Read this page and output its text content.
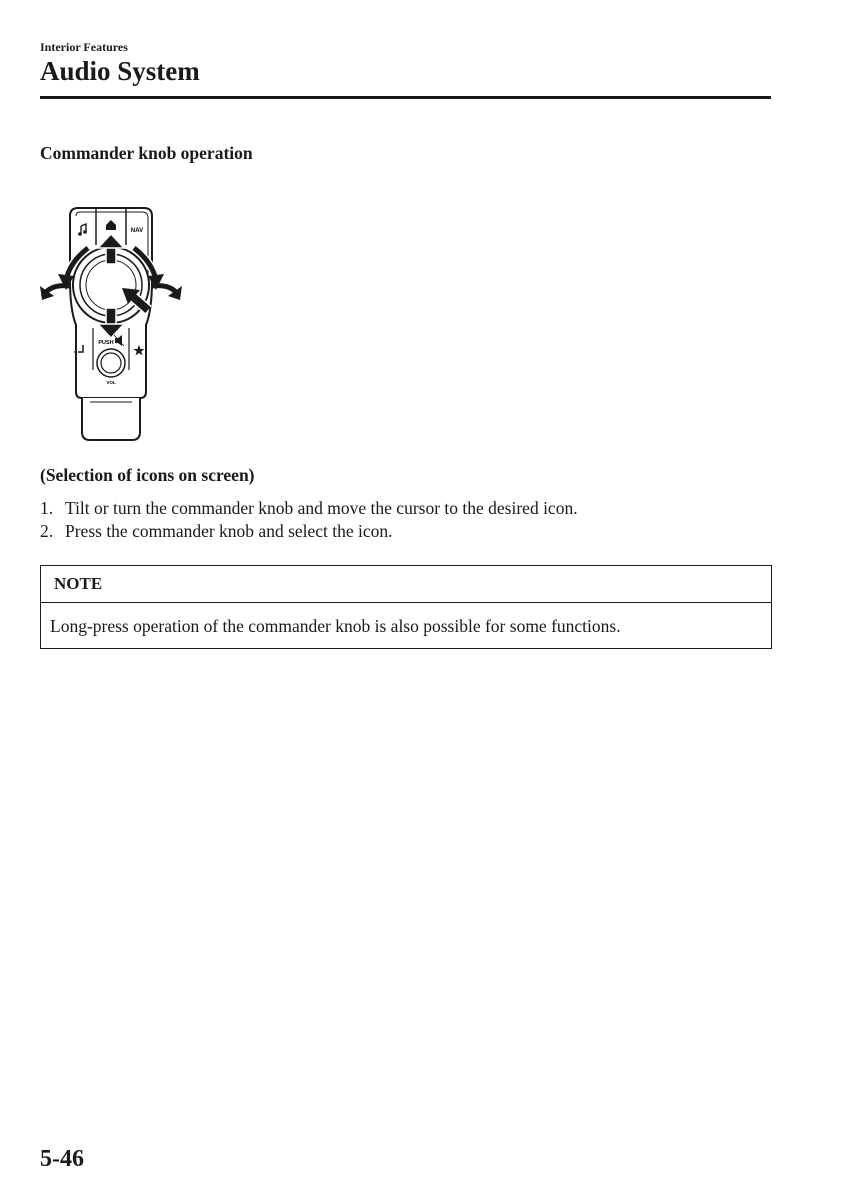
Interior Features
Audio System
Commander knob operation
NAV
PUSH
VOL
(Selection of icons on screen)
1. Tilt or turn the commander knob and move the cursor to the desired icon.
2. Press the commander knob and select the icon.
NOTE
Long-press operation of the commander knob is also possible for some functions.
5-46
